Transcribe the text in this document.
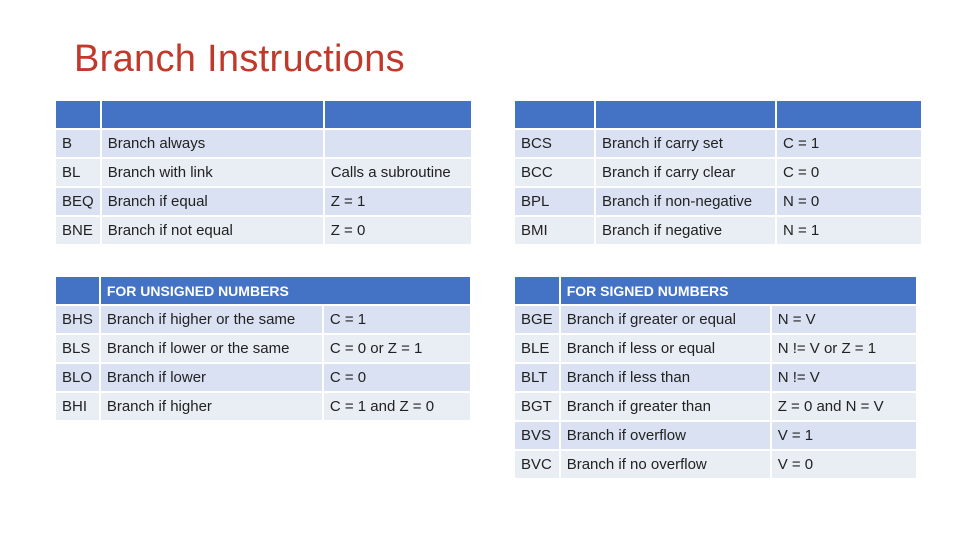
Branch Instructions

B	Branch always	
BL	Branch with link	Calls a subroutine
BEQ	Branch if equal	Z = 1
BNE	Branch if not equal	Z = 0

BCS	Branch if carry set	C = 1
BCC	Branch if carry clear	C = 0
BPL	Branch if non-negative	N = 0
BMI	Branch if negative	N = 1
	FOR UNSIGNED NUMBERS	
BHS	Branch if higher or the same	C = 1
BLS	Branch if lower or the same	C = 0 or Z = 1
BLO	Branch if lower	C = 0
BHI	Branch if higher	C = 1 and Z = 0
	FOR SIGNED NUMBERS	
BGE	Branch if greater or equal	N = V
BLE	Branch if less or equal	N != V or Z = 1
BLT	Branch if less than	N != V
BGT	Branch if greater than	Z = 0 and N = V
BVS	Branch if overflow	V = 1
BVC	Branch if no overflow	V = 0
